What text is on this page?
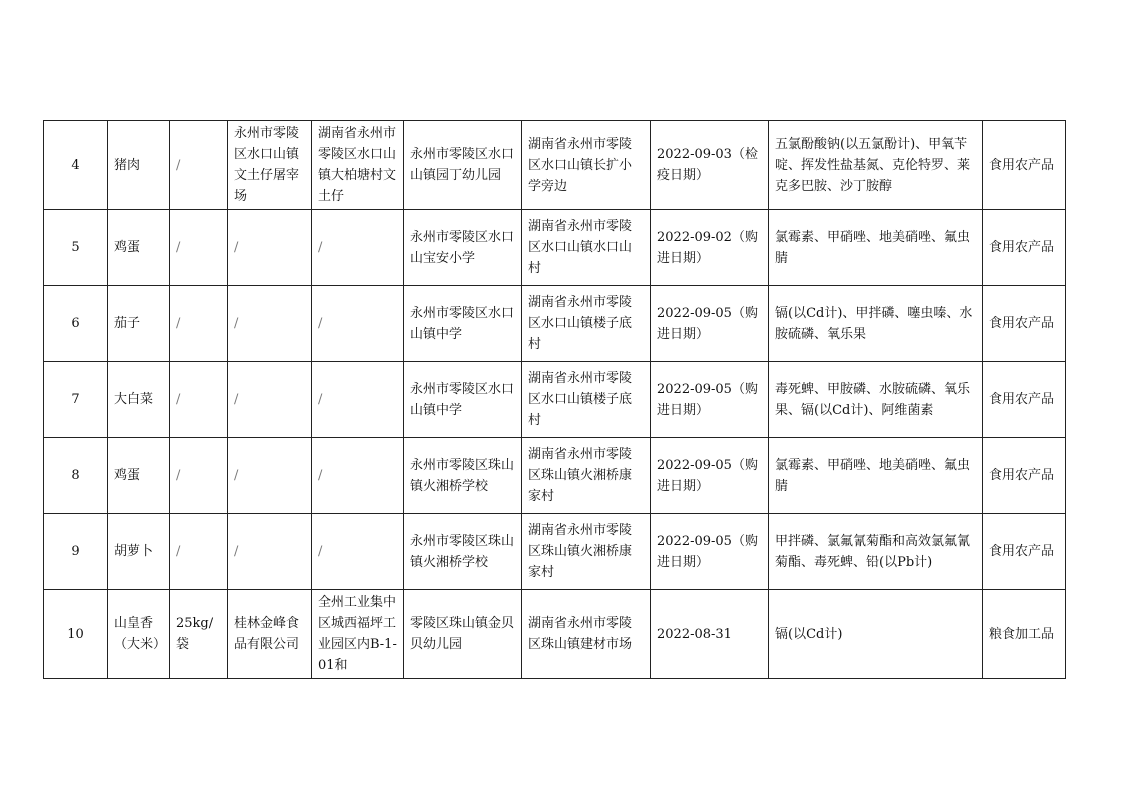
4	猪肉	/	永州市零陵区水口山镇文土仔屠宰场	湖南省永州市零陵区水口山镇大柏塘村文土仔	永州市零陵区水口山镇园丁幼儿园	湖南省永州市零陵区水口山镇长扩小学旁边	2022-09-03（检疫日期）	五氯酚酸钠(以五氯酚计)、甲氧苄啶、挥发性盐基氮、克伦特罗、莱克多巴胺、沙丁胺醇	食用农产品
5	鸡蛋	/	/	/	永州市零陵区水口山宝安小学	湖南省永州市零陵区水口山镇水口山村	2022-09-02（购进日期）	氯霉素、甲硝唑、地美硝唑、氟虫腈	食用农产品
6	茄子	/	/	/	永州市零陵区水口山镇中学	湖南省永州市零陵区水口山镇楼子底村	2022-09-05（购进日期）	镉(以Cd计)、甲拌磷、噻虫嗪、水胺硫磷、氧乐果	食用农产品
7	大白菜	/	/	/	永州市零陵区水口山镇中学	湖南省永州市零陵区水口山镇楼子底村	2022-09-05（购进日期）	毒死蜱、甲胺磷、水胺硫磷、氧乐果、镉(以Cd计)、阿维菌素	食用农产品
8	鸡蛋	/	/	/	永州市零陵区珠山镇火湘桥学校	湖南省永州市零陵区珠山镇火湘桥康家村	2022-09-05（购进日期）	氯霉素、甲硝唑、地美硝唑、氟虫腈	食用农产品
9	胡萝卜	/	/	/	永州市零陵区珠山镇火湘桥学校	湖南省永州市零陵区珠山镇火湘桥康家村	2022-09-05（购进日期）	甲拌磷、氯氟氰菊酯和高效氯氟氰菊酯、毒死蜱、铅(以Pb计)	食用农产品
10	山皇香（大米）	25kg/袋	桂林金峰食品有限公司	全州工业集中区城西福坪工业园区内B-1-01和	零陵区珠山镇金贝贝幼儿园	湖南省永州市零陵区珠山镇建材市场	2022-08-31	镉(以Cd计)	粮食加工品
